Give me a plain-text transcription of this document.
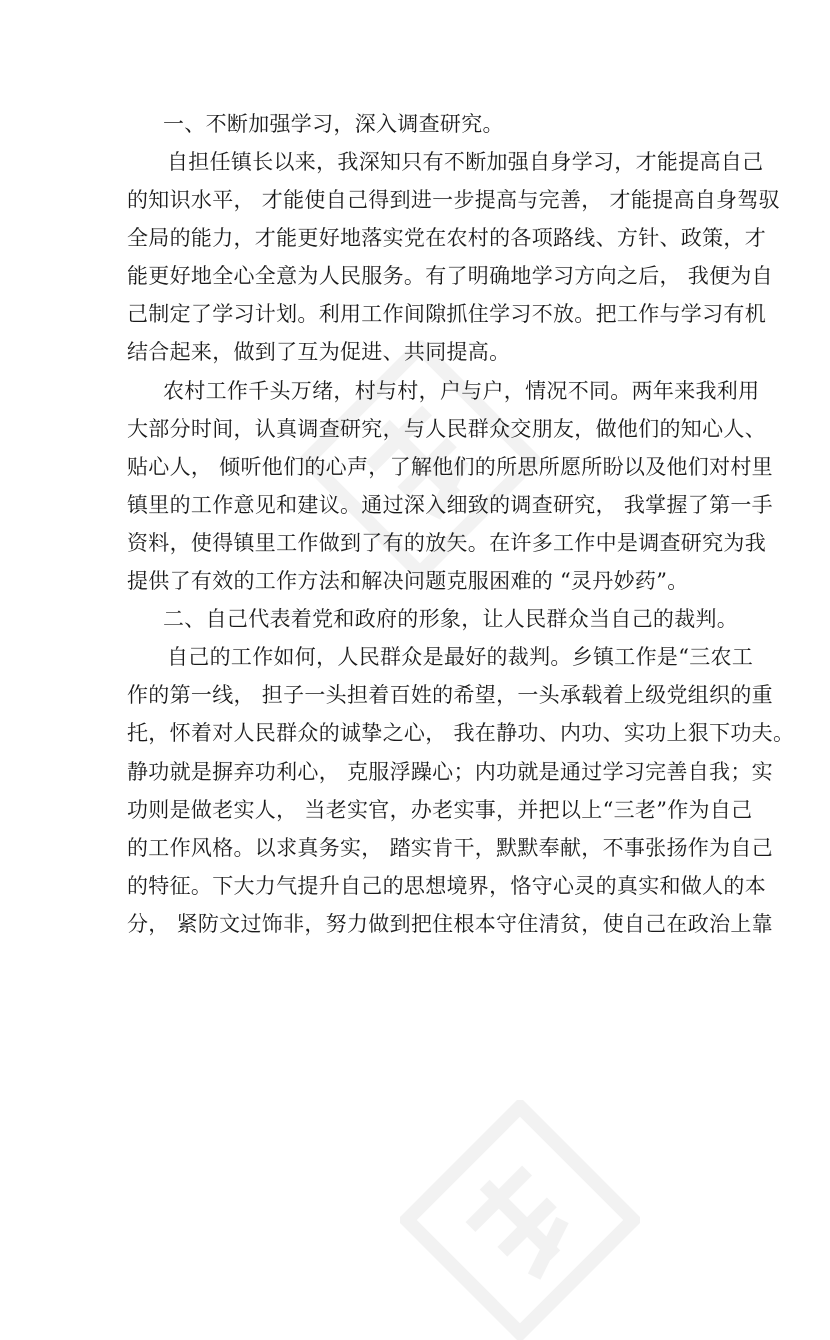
一、不断加强学习，深入调查研究。
自担任镇长以来，我深知只有不断加强自身学习，才能提高自己
的知识水平， 才能使自己得到进一步提高与完善， 才能提高自身驾驭
全局的能力，才能更好地落实党在农村的各项路线、方针、政策，才
能更好地全心全意为人民服务。有了明确地学习方向之后， 我便为自
己制定了学习计划。利用工作间隙抓住学习不放。把工作与学习有机
结合起来，做到了互为促进、共同提高。
农村工作千头万绪，村与村，户与户，情况不同。两年来我利用
大部分时间，认真调查研究，与人民群众交朋友，做他们的知心人、
贴心人， 倾听他们的心声，了解他们的所思所愿所盼以及他们对村里
镇里的工作意见和建议。通过深入细致的调查研究， 我掌握了第一手
资料，使得镇里工作做到了有的放矢。在许多工作中是调查研究为我
提供了有效的工作方法和解决问题克服困难的 “灵丹妙药”。
二、自己代表着党和政府的形象，让人民群众当自己的裁判。
自己的工作如何，人民群众是最好的裁判。乡镇工作是“三农工
作的第一线， 担子一头担着百姓的希望，一头承载着上级党组织的重
托，怀着对人民群众的诚挚之心， 我在静功、内功、实功上狠下功夫。
静功就是摒弃功利心， 克服浮躁心；内功就是通过学习完善自我；实
功则是做老实人， 当老实官，办老实事，并把以上“三老”作为自己
的工作风格。以求真务实， 踏实肯干，默默奉献，不事张扬作为自己
的特征。下大力气提升自己的思想境界，恪守心灵的真实和做人的本
分， 紧防文过饰非，努力做到把住根本守住清贫，使自己在政治上靠
